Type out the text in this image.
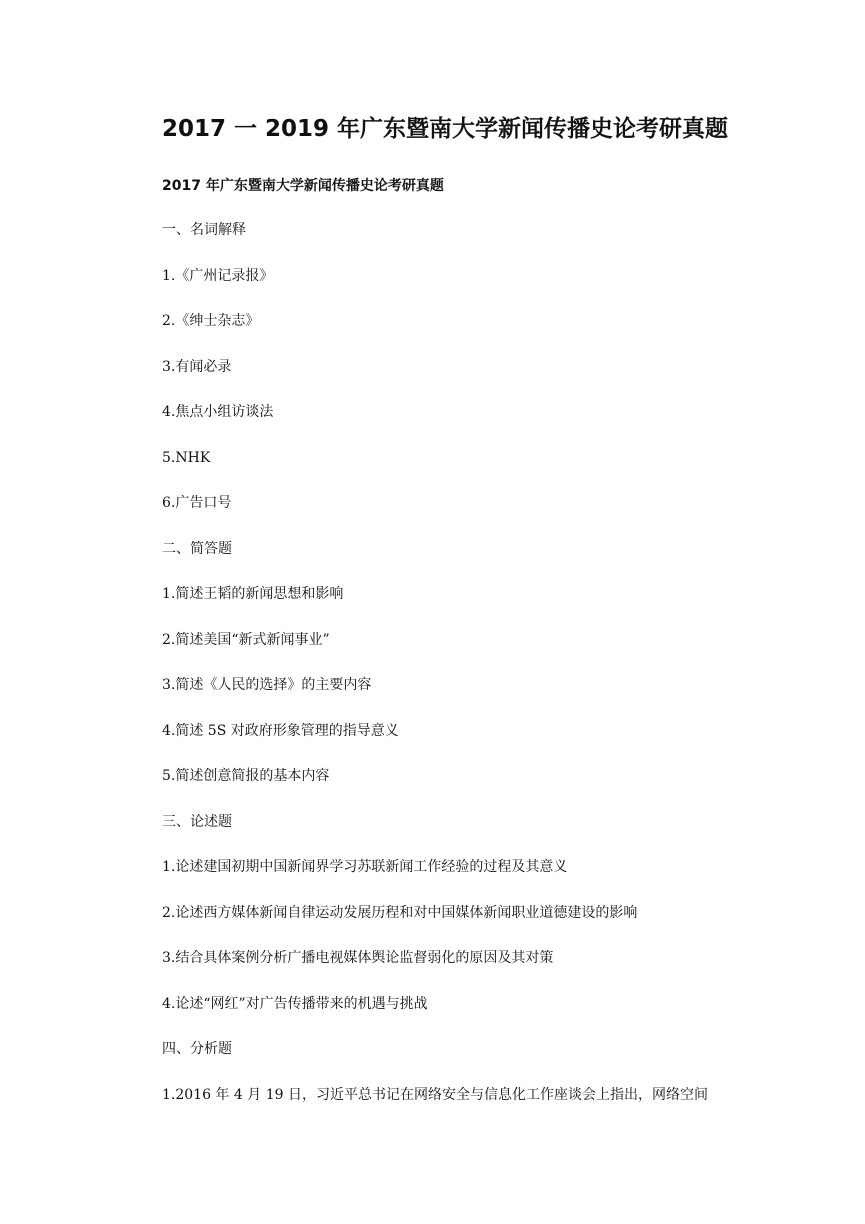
2017 一 2019 年广东暨南大学新闻传播史论考研真题
2017 年广东暨南大学新闻传播史论考研真题

一、名词解释

1.《广州记录报》

2.《绅士杂志》

3.有闻必录

4.焦点小组访谈法

5.NHK

6.广告口号

二、简答题

1.简述王韬的新闻思想和影响

2.简述美国“新式新闻事业”

3.简述《人民的选择》的主要内容

4.简述 5S 对政府形象管理的指导意义

5.简述创意简报的基本内容

三、论述题

1.论述建国初期中国新闻界学习苏联新闻工作经验的过程及其意义

2.论述西方媒体新闻自律运动发展历程和对中国媒体新闻职业道德建设的影响

3.结合具体案例分析广播电视媒体舆论监督弱化的原因及其对策

4.论述“网红”对广告传播带来的机遇与挑战

四、分析题

1.2016 年 4 月 19 日，习近平总书记在网络安全与信息化工作座谈会上指出，网络空间
